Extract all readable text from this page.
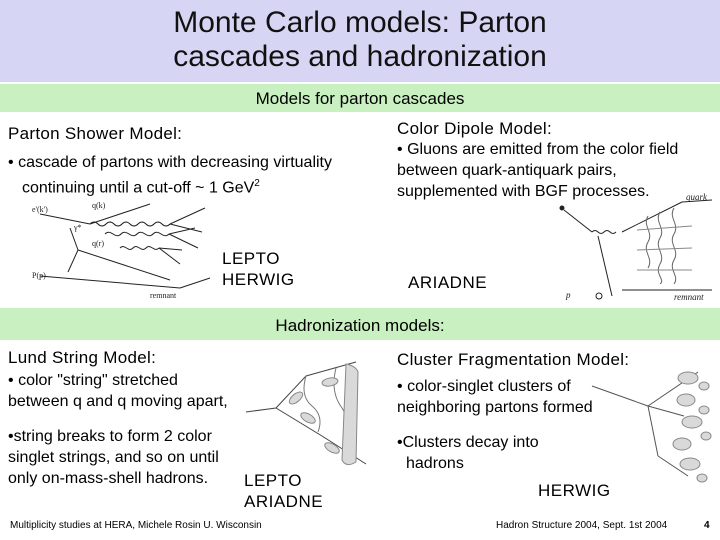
Monte Carlo models: Parton
cascades and hadronization
Models for parton cascades
Parton Shower Model:
• cascade of partons with decreasing virtuality
continuing until a cut-off ~ 1 GeV$^2$
e'(k')	q(k)
P(p)
remnant
γ*
q(r)
LEPTO
HERWIG
Color Dipole Model:
• Gluons are emitted from the color field
between quark-antiquark pairs,
supplemented with BGF processes.	quark
p	remnant
ARIADNE
Hadronization models:
Lund String Model:
• color "string" stretched
between q and q moving apart,
•string breaks to form 2 color
singlet strings, and so on until
only on-mass-shell hadrons.	LEPTO
ARIADNE
Cluster Fragmentation Model:
• color-singlet clusters of
neighboring partons formed
•Clusters decay into
hadrons
HERWIG
Multiplicity studies at HERA, Michele Rosin U. Wisconsin	Hadron Structure 2004, Sept. 1st 2004	4
